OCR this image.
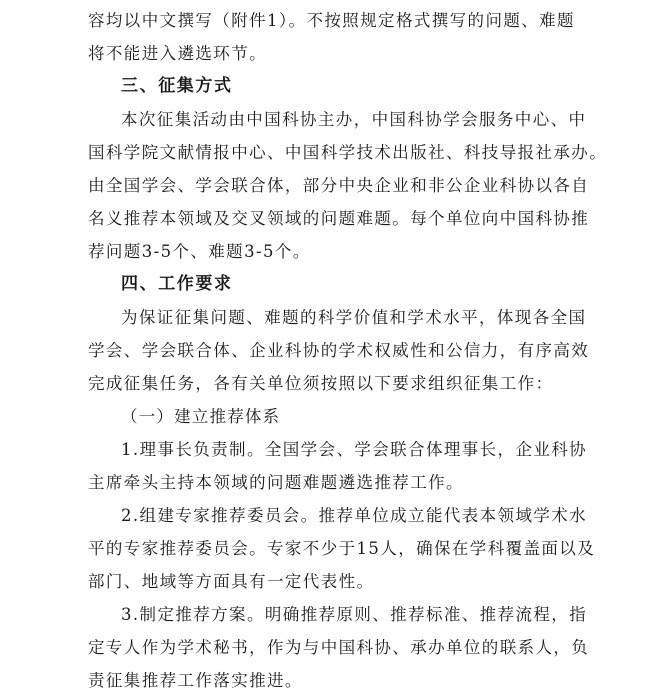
容均以中文撰写（附件1）。不按照规定格式撰写的问题、难题
将不能进入遴选环节。
三、征集方式
本次征集活动由中国科协主办，中国科协学会服务中心、中
国科学院文献情报中心、中国科学技术出版社、科技导报社承办。
由全国学会、学会联合体，部分中央企业和非公企业科协以各自
名义推荐本领域及交叉领域的问题难题。每个单位向中国科协推
荐问题3-5个、难题3-5个。
四、工作要求
为保证征集问题、难题的科学价值和学术水平，体现各全国
学会、学会联合体、企业科协的学术权威性和公信力，有序高效
完成征集任务，各有关单位须按照以下要求组织征集工作：
（一）建立推荐体系
1.理事长负责制。全国学会、学会联合体理事长，企业科协
主席牵头主持本领域的问题难题遴选推荐工作。
2.组建专家推荐委员会。推荐单位成立能代表本领域学术水
平的专家推荐委员会。专家不少于15人，确保在学科覆盖面以及
部门、地域等方面具有一定代表性。
3.制定推荐方案。明确推荐原则、推荐标准、推荐流程，指
定专人作为学术秘书，作为与中国科协、承办单位的联系人，负
责征集推荐工作落实推进。
